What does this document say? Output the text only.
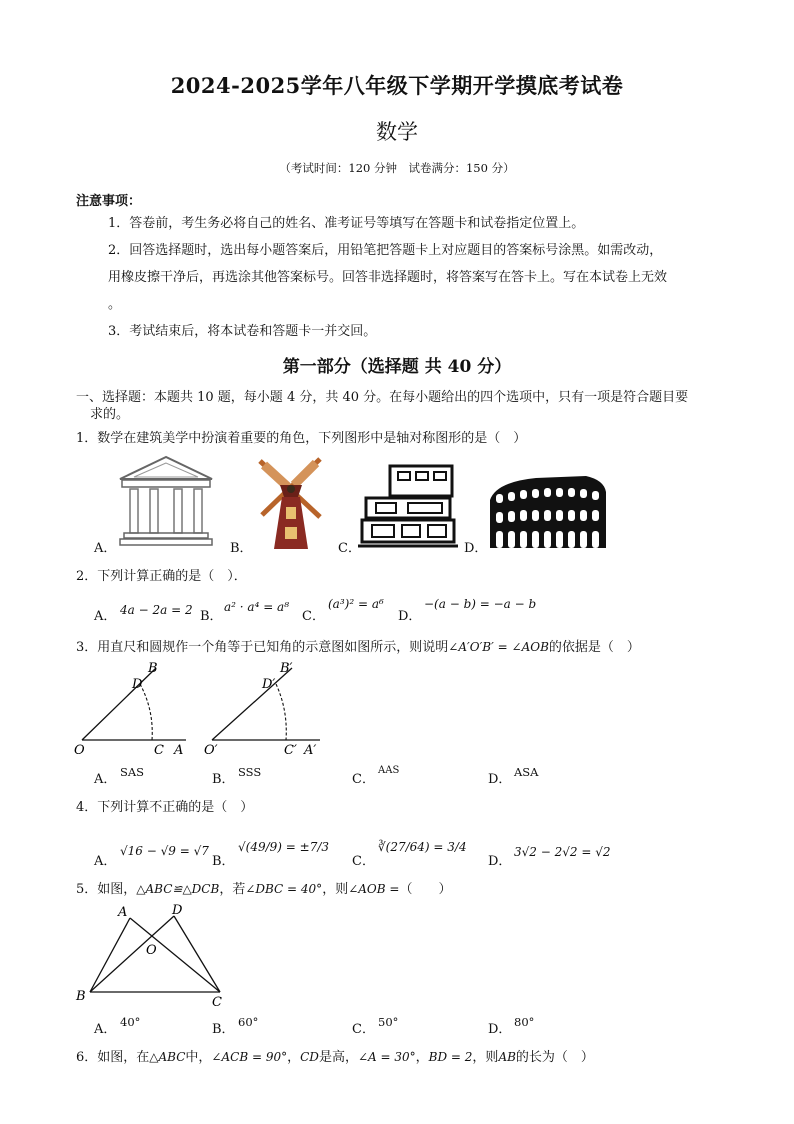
2024-2025学年八年级下学期开学摸底考试卷
数学
（考试时间：120 分钟　试卷满分：150 分）
注意事项：
1．答卷前，考生务必将自己的姓名、准考证号等填写在答题卡和试卷指定位置上。
2．回答选择题时，选出每小题答案后，用铅笔把答题卡上对应题目的答案标号涂黑。如需改动，
用橡皮擦干净后，再选涂其他答案标号。回答非选择题时，将答案写在答卡上。写在本试卷上无效
。
3．考试结束后，将本试卷和答题卡一并交回。
第一部分（选择题 共 40 分）
一、选择题：本题共 10 题，每小题 4 分，共 40 分。在每小题给出的四个选项中，只有一项是符合题目要
求的。
1．数学在建筑美学中扮演着重要的角色，下列图形中是轴对称图形的是（　）
A．	B．	C．	D．
2．下列计算正确的是（　）．
A． 4a − 2a = 2 B．
a² · a⁴ = a⁸
C．
(a³)² = a⁶
D．
−(a − b) = −a − b
3．用直尺和圆规作一个角等于已知角的示意图如图所示，则说明∠A′O′B′ = ∠AOB的依据是（　）
B
D
O	C A
B′
D′
O′	C′ A′
A． SAS	B． SSS	C．
AAS
D． ASA
4．下列计算不正确的是（　）
A．
√16 − √9 = √7
B．
√(49/9) = ±7/3
C．
∛(27/64) = 3/4
D．
3√2 − 2√2 = √2
5．如图，△ABC≌△DCB，若∠DBC = 40°，则∠AOB =（　　）
A	D
O
B	C
A． 40°	B． 60°	C． 50°	D． 80°
6．如图，在△ABC中，∠ACB = 90°，CD是高，∠A = 30°，BD = 2，则AB的长为（　）
